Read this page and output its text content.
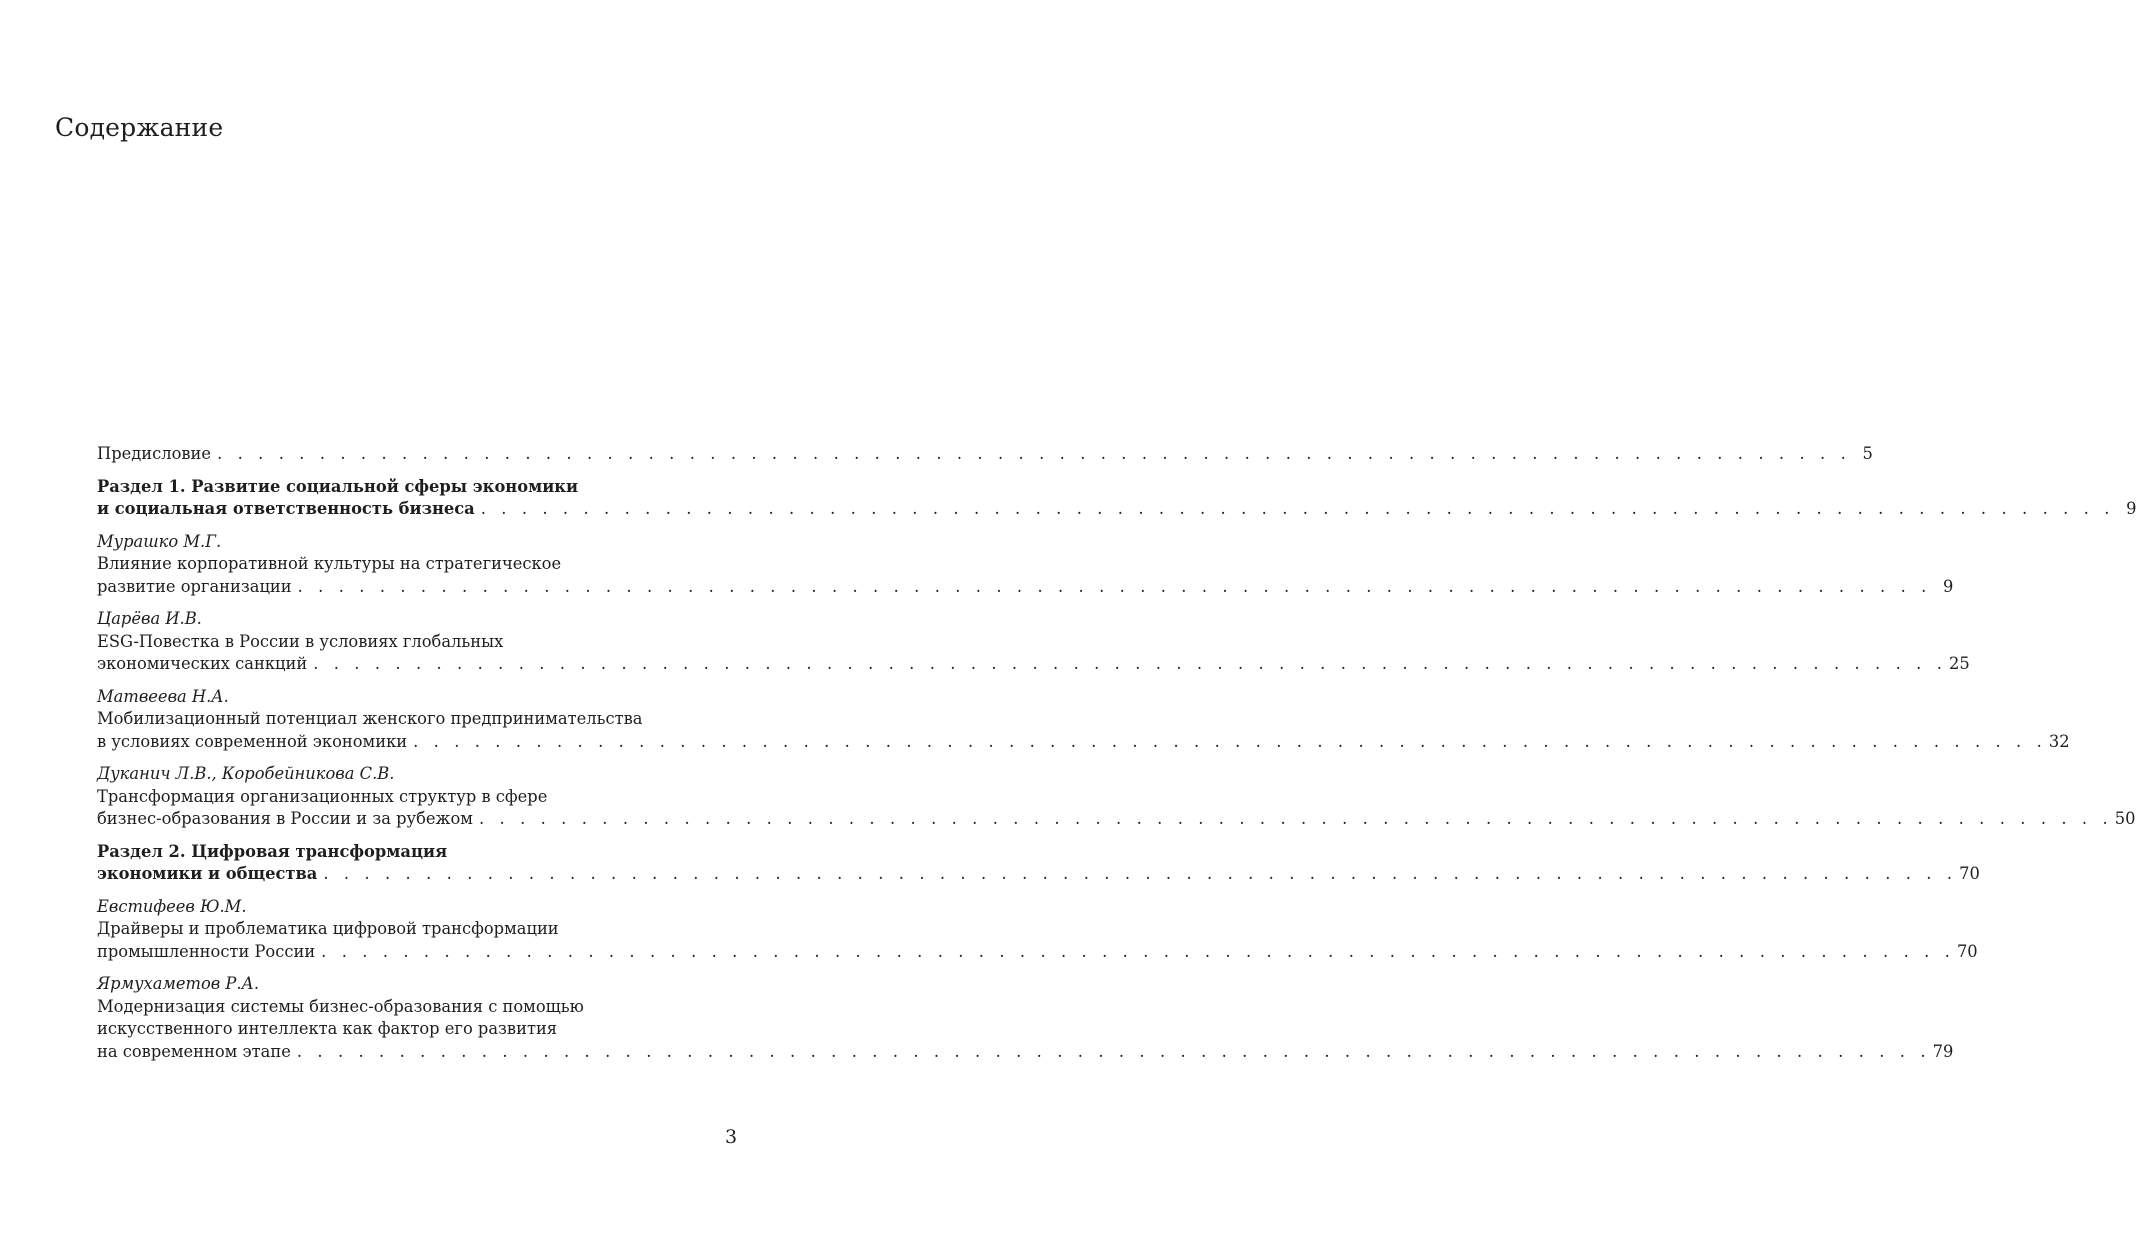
Содержание
Предисловие . . . . . . . . . . . . . . . . . . . . . . . . . . . . . . . . . . . . . . . . . . . . . . . . . . . . . . . . . . . . . . . . . . . . . . . . . . . . . . . . 5
Раздел 1. Развитие социальной сферы экономики
и социальная ответственность бизнеса . . . . . . . . . . . . . . . . . . . . . . . . . . . . . . . . . . . . . . . . . . . . . . . . . . . . . . . . . . . . . . . . . . . . . . . . . . . . . . . . 9
Мурашко М.Г.
Влияние корпоративной культуры на стратегическое
развитие организации . . . . . . . . . . . . . . . . . . . . . . . . . . . . . . . . . . . . . . . . . . . . . . . . . . . . . . . . . . . . . . . . . . . . . . . . . . . . . . . . 9
Царёва И.В.
ESG-Повестка в России в условиях глобальных
экономических санкций . . . . . . . . . . . . . . . . . . . . . . . . . . . . . . . . . . . . . . . . . . . . . . . . . . . . . . . . . . . . . . . . . . . . . . . . . . . . . . . . 25
Матвеева Н.А.
Мобилизационный потенциал женского предпринимательства
в условиях современной экономики . . . . . . . . . . . . . . . . . . . . . . . . . . . . . . . . . . . . . . . . . . . . . . . . . . . . . . . . . . . . . . . . . . . . . . . . . . . . . . . . 32
Дуканич Л.В., Коробейникова С.В.
Трансформация организационных структур в сфере
бизнес-образования в России и за рубежом . . . . . . . . . . . . . . . . . . . . . . . . . . . . . . . . . . . . . . . . . . . . . . . . . . . . . . . . . . . . . . . . . . . . . . . . . . . . . . . . 50
Раздел 2. Цифровая трансформация
экономики и общества . . . . . . . . . . . . . . . . . . . . . . . . . . . . . . . . . . . . . . . . . . . . . . . . . . . . . . . . . . . . . . . . . . . . . . . . . . . . . . . . 70
Евстифеев Ю.М.
Драйверы и проблематика цифровой трансформации
промышленности России . . . . . . . . . . . . . . . . . . . . . . . . . . . . . . . . . . . . . . . . . . . . . . . . . . . . . . . . . . . . . . . . . . . . . . . . . . . . . . . . 70
Ярмухаметов Р.А.
Модернизация системы бизнес-образования с помощью
искусственного интеллекта как фактор его развития
на современном этапе . . . . . . . . . . . . . . . . . . . . . . . . . . . . . . . . . . . . . . . . . . . . . . . . . . . . . . . . . . . . . . . . . . . . . . . . . . . . . . . . 79
3
